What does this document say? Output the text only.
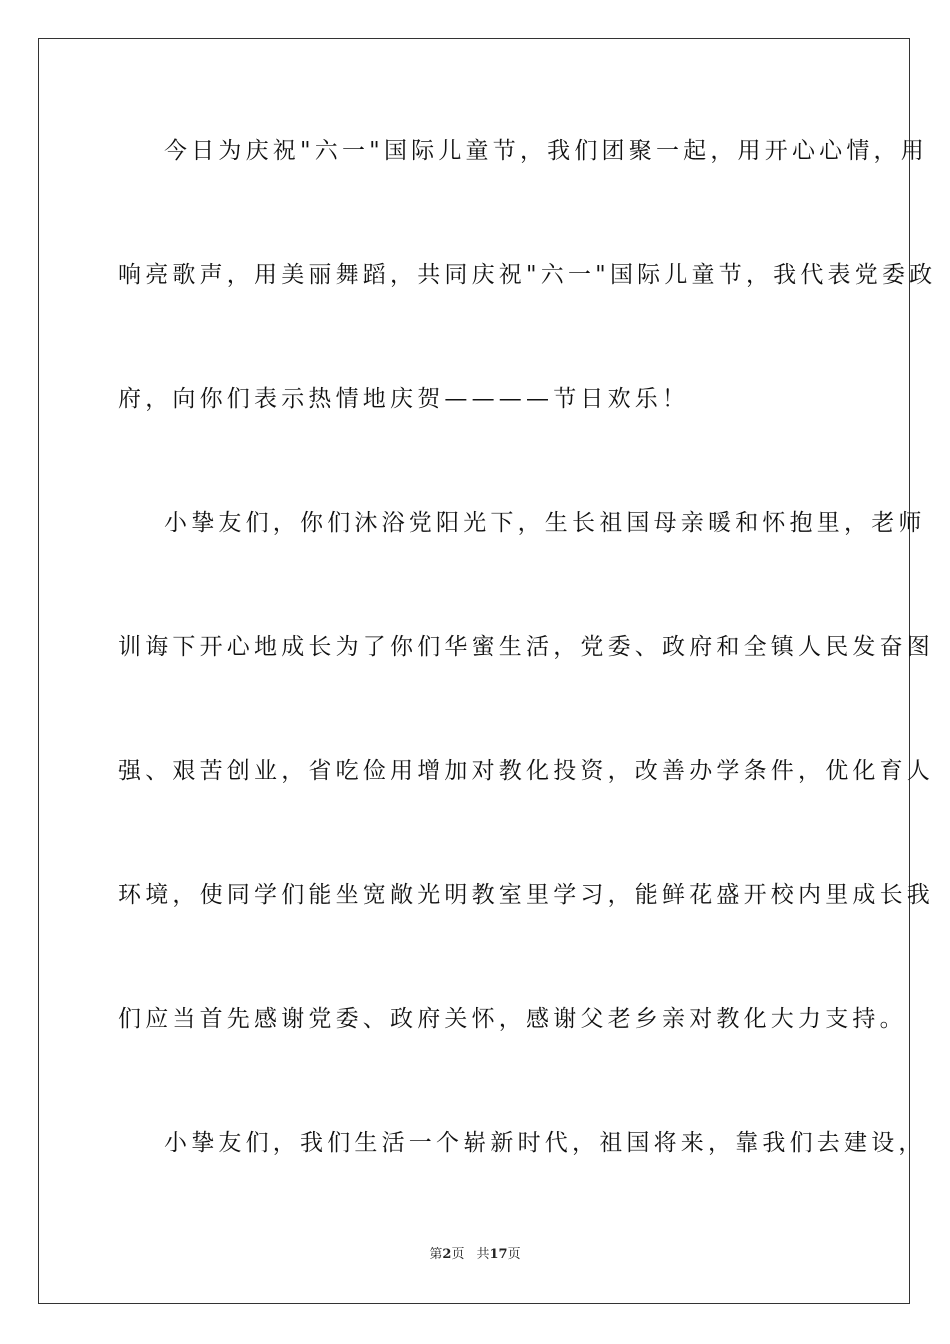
今日为庆祝"六一"国际儿童节，我们团聚一起，用开心心情，用
响亮歌声，用美丽舞蹈，共同庆祝"六一"国际儿童节，我代表党委政
府，向你们表示热情地庆贺————节日欢乐！
小挚友们，你们沐浴党阳光下，生长祖国母亲暖和怀抱里，老师
训诲下开心地成长为了你们华蜜生活，党委、政府和全镇人民发奋图
强、艰苦创业，省吃俭用增加对教化投资，改善办学条件，优化育人
环境，使同学们能坐宽敞光明教室里学习，能鲜花盛开校内里成长我
们应当首先感谢党委、政府关怀，感谢父老乡亲对教化大力支持。
小挚友们，我们生活一个崭新时代，祖国将来，靠我们去建设，
第2页 共17页
